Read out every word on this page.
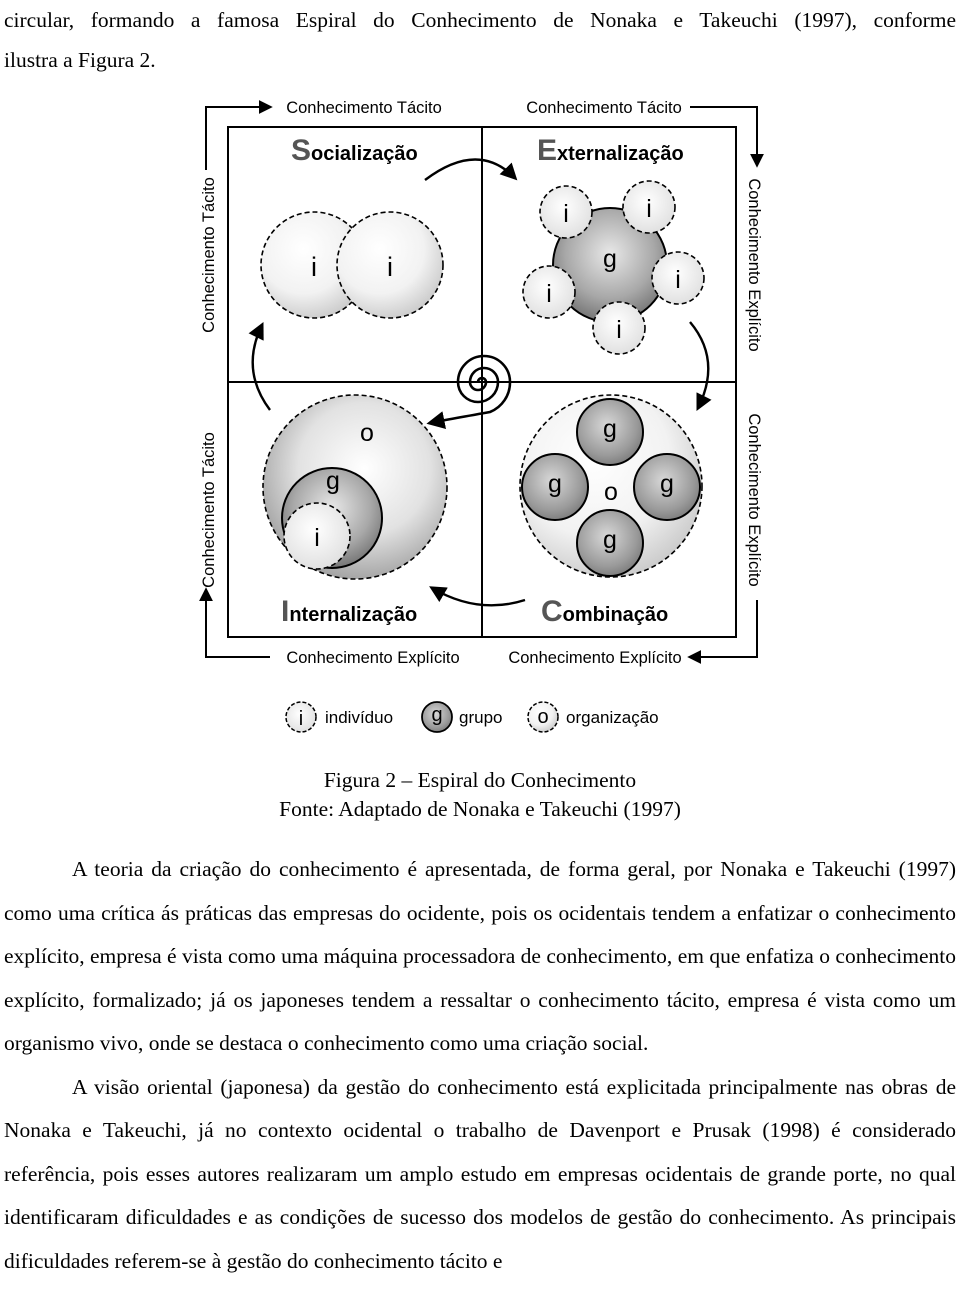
circular, formando a famosa Espiral do Conhecimento de Nonaka e Takeuchi (1997), conforme
ilustra a Figura 2.
Conhecimento Tácito	Conhecimento Tácito
Conhecimento Explícito	Conhecimento Explícito
Conhecimento Tácito
Conhecimento Tácito
Conhecimento Explícito
Conhecimento Explícito
Socialização	Externalização
Internalização	Combinação
i	i	g
i	i
i	i
i
o
g
i
g
g	g
g
o
i indivíduo g grupo o organização
Figura 2 – Espiral do Conhecimento
Fonte: Adaptado de Nonaka e Takeuchi (1997)

A teoria da criação do conhecimento é apresentada, de forma geral, por Nonaka e Takeuchi (1997) como uma crítica ás práticas das empresas do ocidente, pois os ocidentais tendem a enfatizar o conhecimento explícito, empresa é vista como uma máquina processadora de conhecimento, em que enfatiza o conhecimento explícito, formalizado; já os japoneses tendem a ressaltar o conhecimento tácito, empresa é vista como um organismo vivo, onde se destaca o conhecimento como uma criação social.

A visão oriental (japonesa) da gestão do conhecimento está explicitada principalmente nas obras de Nonaka e Takeuchi, já no contexto ocidental o trabalho de Davenport e Prusak (1998) é considerado referência, pois esses autores realizaram um amplo estudo em empresas ocidentais de grande porte, no qual identificaram dificuldades e as condições de sucesso dos modelos de gestão do conhecimento. As principais dificuldades referem-se à gestão do conhecimento tácito e
